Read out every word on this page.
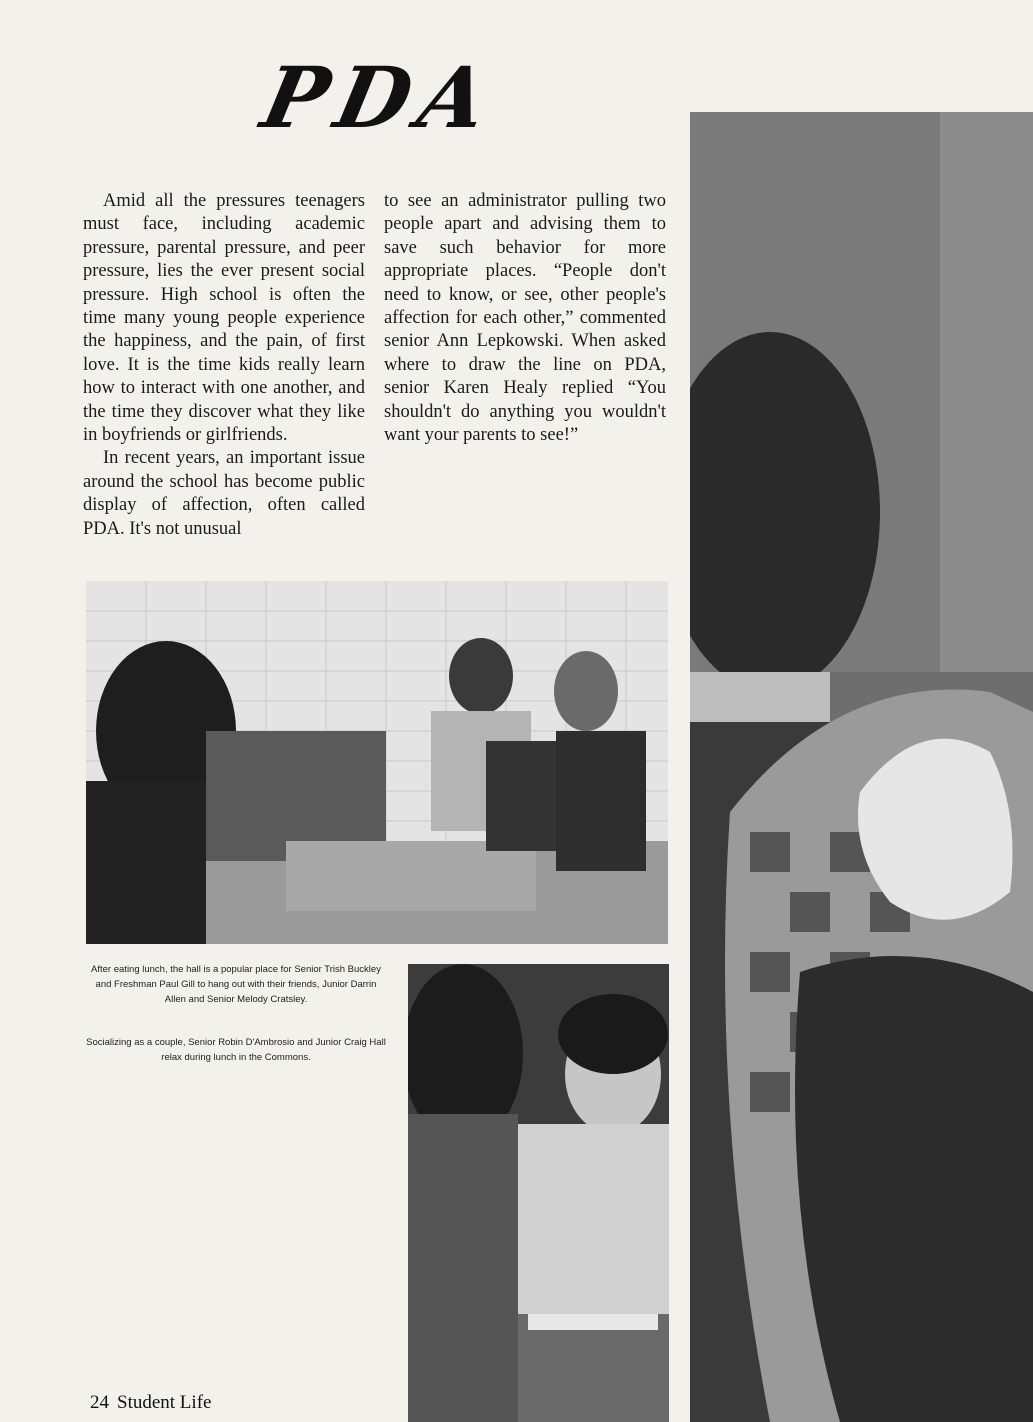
PDA

Amid all the pressures teenagers must face, including academic pressure, parental pressure, and peer pressure, lies the ever present social pressure. High school is often the time many young people experience the happiness, and the pain, of first love. It is the time kids really learn how to interact with one another, and the time they discover what they like in boyfriends or girlfriends.

In recent years, an important issue around the school has become public display of affection, often called PDA. It's not unusual

to see an administrator pulling two people apart and advising them to save such behavior for more appropriate places. “People don't need to know, or see, other people's affection for each other,” commented senior Ann Lepkowski. When asked where to draw the line on PDA, senior Karen Healy replied “You shouldn't do anything you wouldn't want your parents to see!”

After eating lunch, the hall is a popular place for Senior Trish Buckley and Freshman Paul Gill to hang out with their friends, Junior Darrin Allen and Senior Melody Cratsley.
Socializing as a couple, Senior Robin D'Ambrosio and Junior Craig Hall relax during lunch in the Commons.
24 Student Life
